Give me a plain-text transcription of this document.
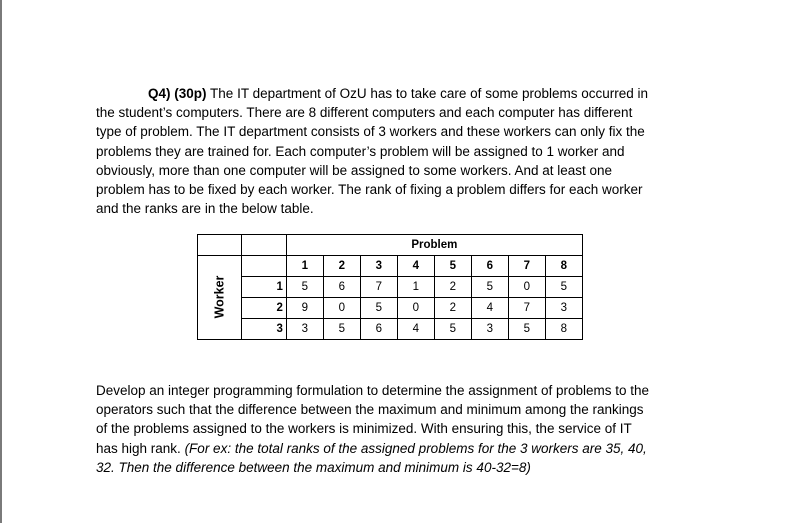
Q4) (30p) The IT department of OzU has to take care of some problems occurred in
the student’s computers. There are 8 different computers and each computer has different
type of problem. The IT department consists of 3 workers and these workers can only fix the
problems they are trained for. Each computer’s problem will be assigned to 1 worker and
obviously, more than one computer will be assigned to some workers. And at least one
problem has to be fixed by each worker. The rank of fixing a problem differs for each worker
and the ranks are in the below table.

		Problem							
Worker		1	2	3	4	5	6	7	8
	1	5	6	7	1	2	5	0	5
	2	9	0	5	0	2	4	7	3
	3	3	5	6	4	5	3	5	8

Develop an integer programming formulation to determine the assignment of problems to the
operators such that the difference between the maximum and minimum among the rankings
of the problems assigned to the workers is minimized. With ensuring this, the service of IT
has high rank. (For ex: the total ranks of the assigned problems for the 3 workers are 35, 40,
32. Then the difference between the maximum and minimum is 40-32=8)
